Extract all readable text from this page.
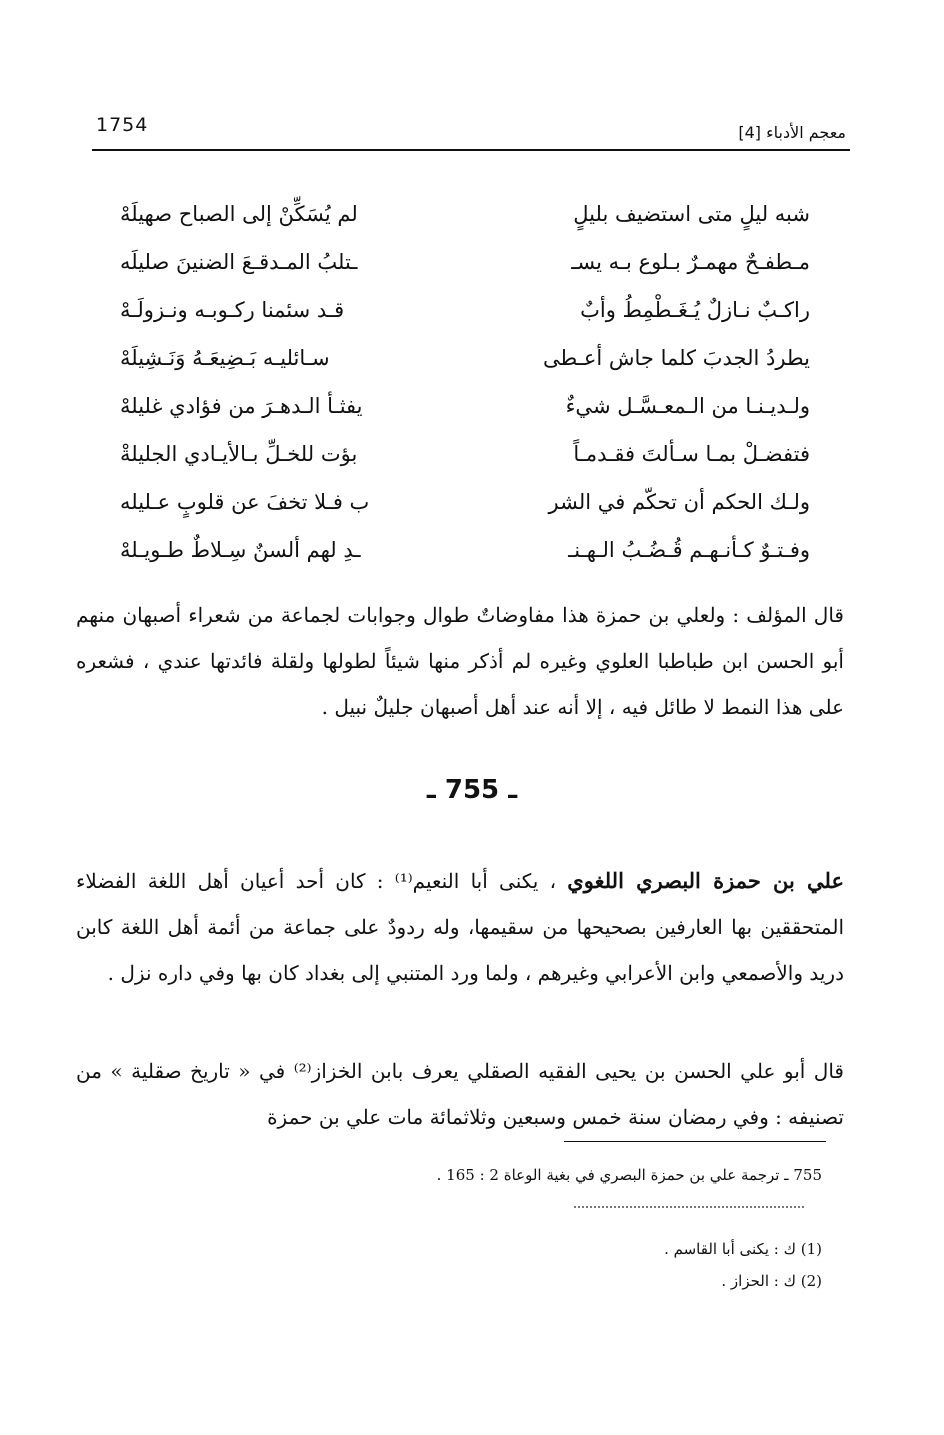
معجم الأدباء [4]
1754
شبه ليلٍ متى استضيف بليلٍ
لم يُسَكِّنْ إلى الصباح صهيلَهْ
مـطفـحٌ مهمـرٌ بـلوع بـه يسـ
ـتلبُ المـدقـعَ الضنينَ صليلَه
راكـبٌ نـازلٌ يُـغَـطْمِطُ وأبٌ
قـد سئمنا ركـوبـه ونـزولَـهْ
يطردُ الجدبَ كلما جاش أعـطى
سـائليـه بَـضِيعَـهُ وَنَـشِيلَهْ
ولـديـنـا من الـمعـسَّـل شيءٌ
يفثـأ الـدهـرَ من فؤادي غليلهْ
فتفضـلْ بمـا سـألتَ فقـدمـاً
بؤت للخـلِّ بـالأيـادي الجليلةْ
ولـك الحكم أن تحكّم في الشر
ب فـلا تخفَ عن قلوبٍ عـليله
وفـتـوٌ كـأنـهـم قُـضُـبُ الـهـنـ
ـدِ لهم ألسنٌ سِـلاطٌ طـويـلهْ

قال المؤلف : ولعلي بن حمزة هذا مفاوضاتٌ طوال وجوابات لجماعة من شعراء أصبهان منهم أبو الحسن ابن طباطبا العلوي وغيره لم أذكر منها شيئاً لطولها ولقلة فائدتها عندي ، فشعره على هذا النمط لا طائل فيه ، إلا أنه عند أهل أصبهان جليلٌ نبيل .

ـ 755 ـ

علي بن حمزة البصري اللغوي ، يكنى أبا النعيم⁽¹⁾ : كان أحد أعيان أهل اللغة الفضلاء المتحققين بها العارفين بصحيحها من سقيمها، وله ردودٌ على جماعة من أئمة أهل اللغة كابن دريد والأصمعي وابن الأعرابي وغيرهم ، ولما ورد المتنبي إلى بغداد كان بها وفي داره نزل .

قال أبو علي الحسن بن يحيى الفقيه الصقلي يعرف بابن الخزاز⁽²⁾ في « تاريخ صقلية » من تصنيفه : وفي رمضان سنة خمس وسبعين وثلاثمائة مات علي بن حمزة

755 ـ ترجمة علي بن حمزة البصري في بغية الوعاة 2 : 165 .
(1) ك : يكنى أبا القاسم .
(2) ك : الحزاز .
